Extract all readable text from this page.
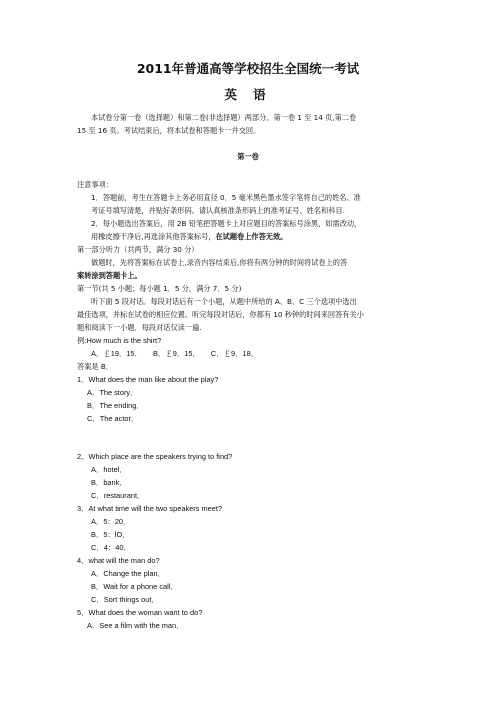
2011年普通高等学校招生全国统一考试
英 语
本试卷分第一卷（选择题）和第二卷(非选择题）两部分。第一卷 1 至 14 页,第二卷
15 至 16 页。考试结束后，将本试卷和答题卡一并交回。
第一卷
注意事项：
1．答题前，考生在答题卡上务必用直径 0．5 毫米黑色墨水签字笔将自己的姓名、准
考证号填写清楚，并贴好条形码。请认真核准条形码上的准考证号、姓名和科目.
2．每小题选出答案后，用 2B 铅笔把答题卡上对应题目的答案标号涂黑，如需改动，
用橡皮擦干净后,再选涂其他答案标号，在试题卷上作答无效。
第一部分听力（共两节，满分 30 分）
做题时，先将答案标在试卷上,录音内容结束后,你将有两分钟的时间将试卷上的答
案转涂到答题卡上。
第一节(共 5 小题；每小题 1．5 分，满分 7．5 分)
听下面 5 段对话。每段对话后有一个小题，从题中所给的 A、B、C 三个选项中选出
最佳选项，并标在试卷的相应位置。听完每段对话后，你都有 10 秒钟的时间来回答有关小
题和阅读下一小题．每段对话仅读一遍.
例:How much is the shirt?
A．￡19．15．　　B．￡9．15．　　C．￡9．18．
答案是 B．
1．What does the man like about the play?
A．The story．
B．The ending．
C．The actor．
2、Which place are the speakers trying to find?
A．hotel．
B．bank．
C．restaurant．
3．At what time will the two speakers meet?
A．5：20．
B．5：lO．
C．4：40．
4．what will the man do?
A．Change the plan．
B．Wait for a phone call．
C．Sort things out．
5．What does the woman want to do?
A．See a film with the man．
